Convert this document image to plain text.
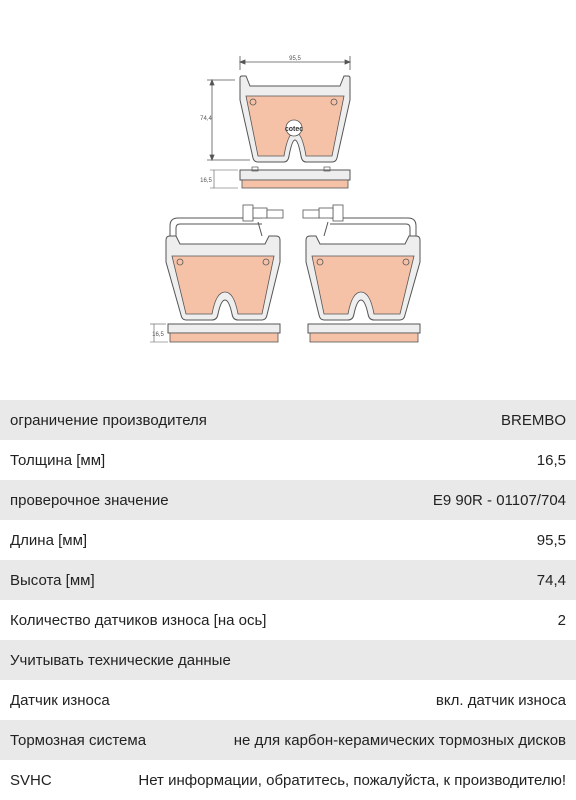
95,5
74,4
cotec
16,5
16,5
ограничение производителя	BREMBO
Толщина [мм]	16,5
проверочное значение	E9 90R - 01107/704
Длина [мм]	95,5
Высота [мм]	74,4
Количество датчиков износа [на ось]	2
Учитывать технические данные
Датчик износа	вкл. датчик износа
Тормозная система	не для карбон-керамических тормозных дисков
SVHC	Нет информации, обратитесь, пожалуйста, к производителю!
